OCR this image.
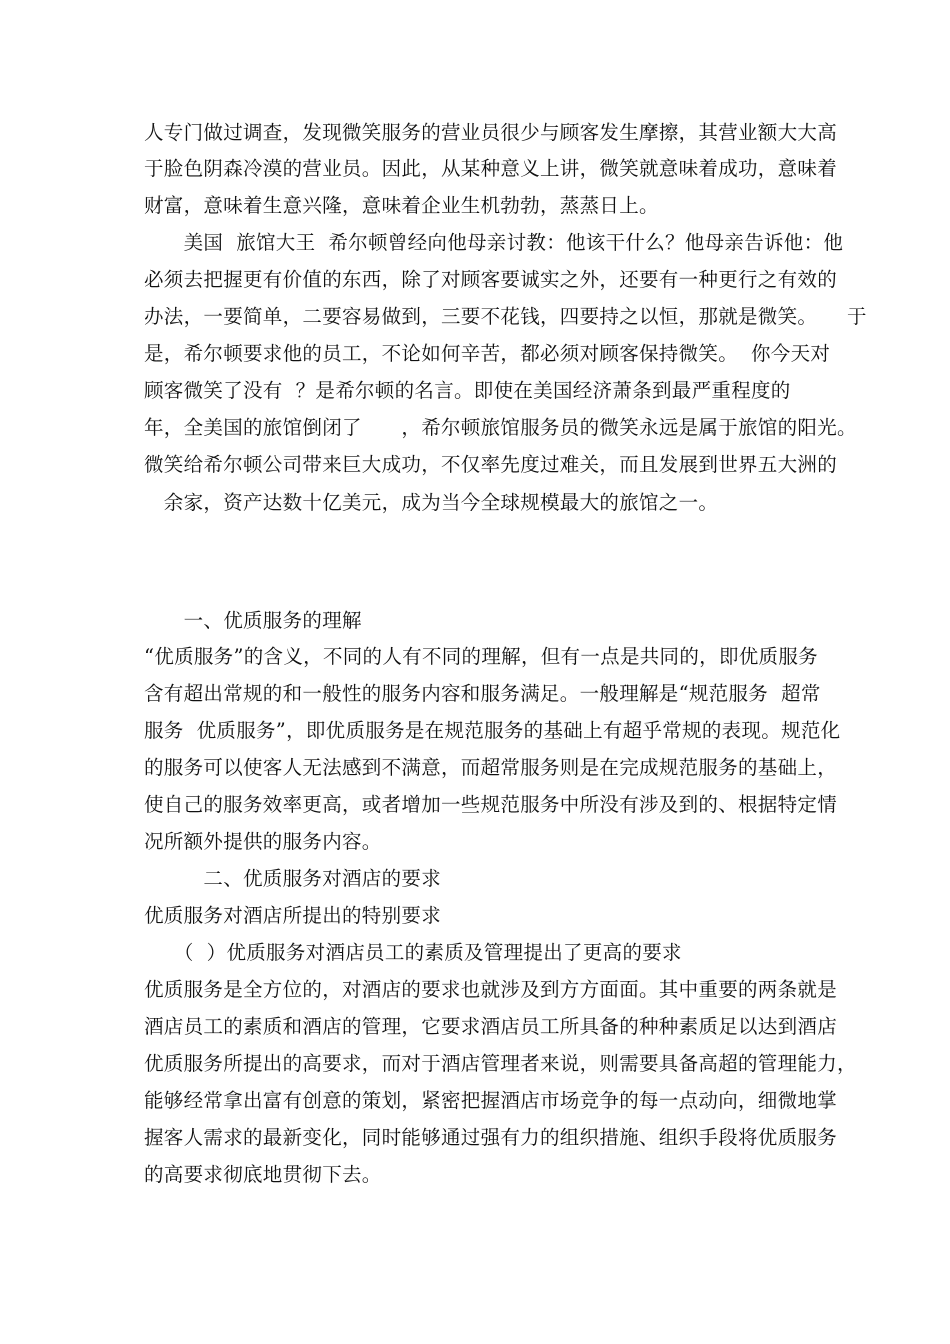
人专门做过调查，发现微笑服务的营业员很少与顾客发生摩擦，其营业额大大高
于脸色阴森冷漠的营业员。因此，从某种意义上讲，微笑就意味着成功，意味着
财富，意味着生意兴隆，意味着企业生机勃勃，蒸蒸日上。
　　美国  旅馆大王  希尔顿曾经向他母亲讨教：他该干什么？他母亲告诉他：他
必须去把握更有价值的东西，除了对顾客要诚实之外，还要有一种更行之有效的
办法，一要简单，二要容易做到，三要不花钱，四要持之以恒，那就是微笑。　　于
是，希尔顿要求他的员工，不论如何辛苦，都必须对顾客保持微笑。  你今天对
顾客微笑了没有  ？是希尔顿的名言。即使在美国经济萧条到最严重程度的
年，全美国的旅馆倒闭了　　，希尔顿旅馆服务员的微笑永远是属于旅馆的阳光。
微笑给希尔顿公司带来巨大成功，不仅率先度过难关，而且发展到世界五大洲的
　余家，资产达数十亿美元，成为当今全球规模最大的旅馆之一。
　　一、优质服务的理解
“优质服务”的含义，不同的人有不同的理解，但有一点是共同的，即优质服务
含有超出常规的和一般性的服务内容和服务满足。一般理解是“规范服务  超常
服务  优质服务”，即优质服务是在规范服务的基础上有超乎常规的表现。规范化
的服务可以使客人无法感到不满意，而超常服务则是在完成规范服务的基础上，
使自己的服务效率更高，或者增加一些规范服务中所没有涉及到的、根据特定情
况所额外提供的服务内容。
　　　二、优质服务对酒店的要求
优质服务对酒店所提出的特别要求
　　（  ）优质服务对酒店员工的素质及管理提出了更高的要求
优质服务是全方位的，对酒店的要求也就涉及到方方面面。其中重要的两条就是
酒店员工的素质和酒店的管理，它要求酒店员工所具备的种种素质足以达到酒店
优质服务所提出的高要求，而对于酒店管理者来说，则需要具备高超的管理能力，
能够经常拿出富有创意的策划，紧密把握酒店市场竞争的每一点动向，细微地掌
握客人需求的最新变化，同时能够通过强有力的组织措施、组织手段将优质服务
的高要求彻底地贯彻下去。
